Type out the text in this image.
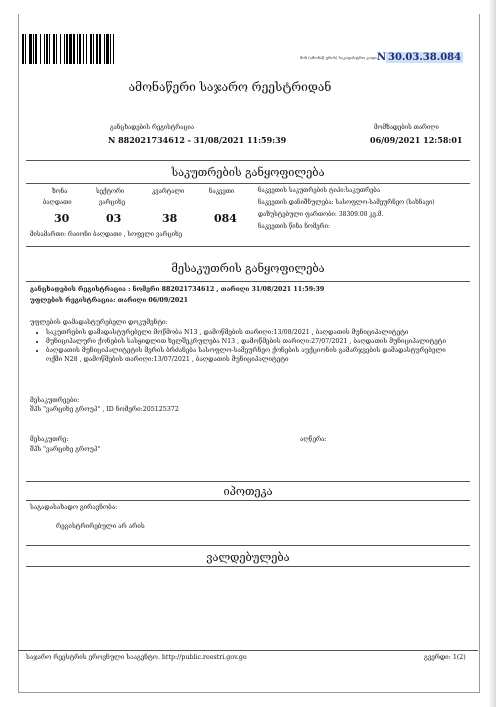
მინ (ამონაწ ერის) საკადასტრო კოდი N 30.03.38.084
ამონაწერი საჯარო რეესტრიდან
განცხადების რეგისტრაცია
N 882021734612 - 31/08/2021 11:59:39
მომზადების თარიღი
06/09/2021 12:58:01
საკუთრების განყოფილება
ზონა
ბაღდათი
30
სექტორი
ვარციხე
03
კვარტალი
38
ნაკვეთი
084
ნაკვეთის საკუთრების ტიპი:საკუთრება
ნაკვეთის დანიშნულება: სასოფლო-სამეურნეო (სახნავი)
დაზუსტებული ფართობი: 38309.00 კვ.მ.
ნაკვეთის წინა ნომერი:
მისამართი: რაიონი ბაღდათი , სოფელი ვარციხე
მესაკუთრის განყოფილება
განცხადების რეგისტრაცია : ნომერი 882021734612 , თარიღი 31/08/2021 11:59:39
უფლების რეგისტრაცია: თარიღი 06/09/2021
უფლების დამადასტურებელი დოკუმენტი:
• საკუთრების დამადასტურებელი მოწმობა N13 , დამოწმების თარიღი:13/08/2021 , ბაღდათის მუნიციპალიტეტი
• მუნიციპალური ქონების სასყიდლით ხელშეკრულება N13 , დამოწმების თარიღი:27/07/2021 , ბაღდათის მუნიციპალიტეტი
• ბაღდათის მუნიციპალიტეტის მერის ბრძანება სასოფლო-სამეურნეო ქონების აუქციონის გამარჯვების დამადასტურებელი ოქმი N28 , დამოწმების თარიღი:13/07/2021 , ბაღდათის მუნიციპალიტეტი
მესაკუთრეები:
შპს "ვარციხე გროუპ" , ID ნომერი:205125372
მესაკუთრე:
შპს "ვარციხე გროუპ"
აღწერა:
იპოთეკა
საგადასახადო გირავნობა:
რეგისტრირებული არ არის
ვალდებულება
საჯარო რეესტრის ეროვნული სააგენტო. http://public.reestri.gov.ge	გვერდი: 1(2)
